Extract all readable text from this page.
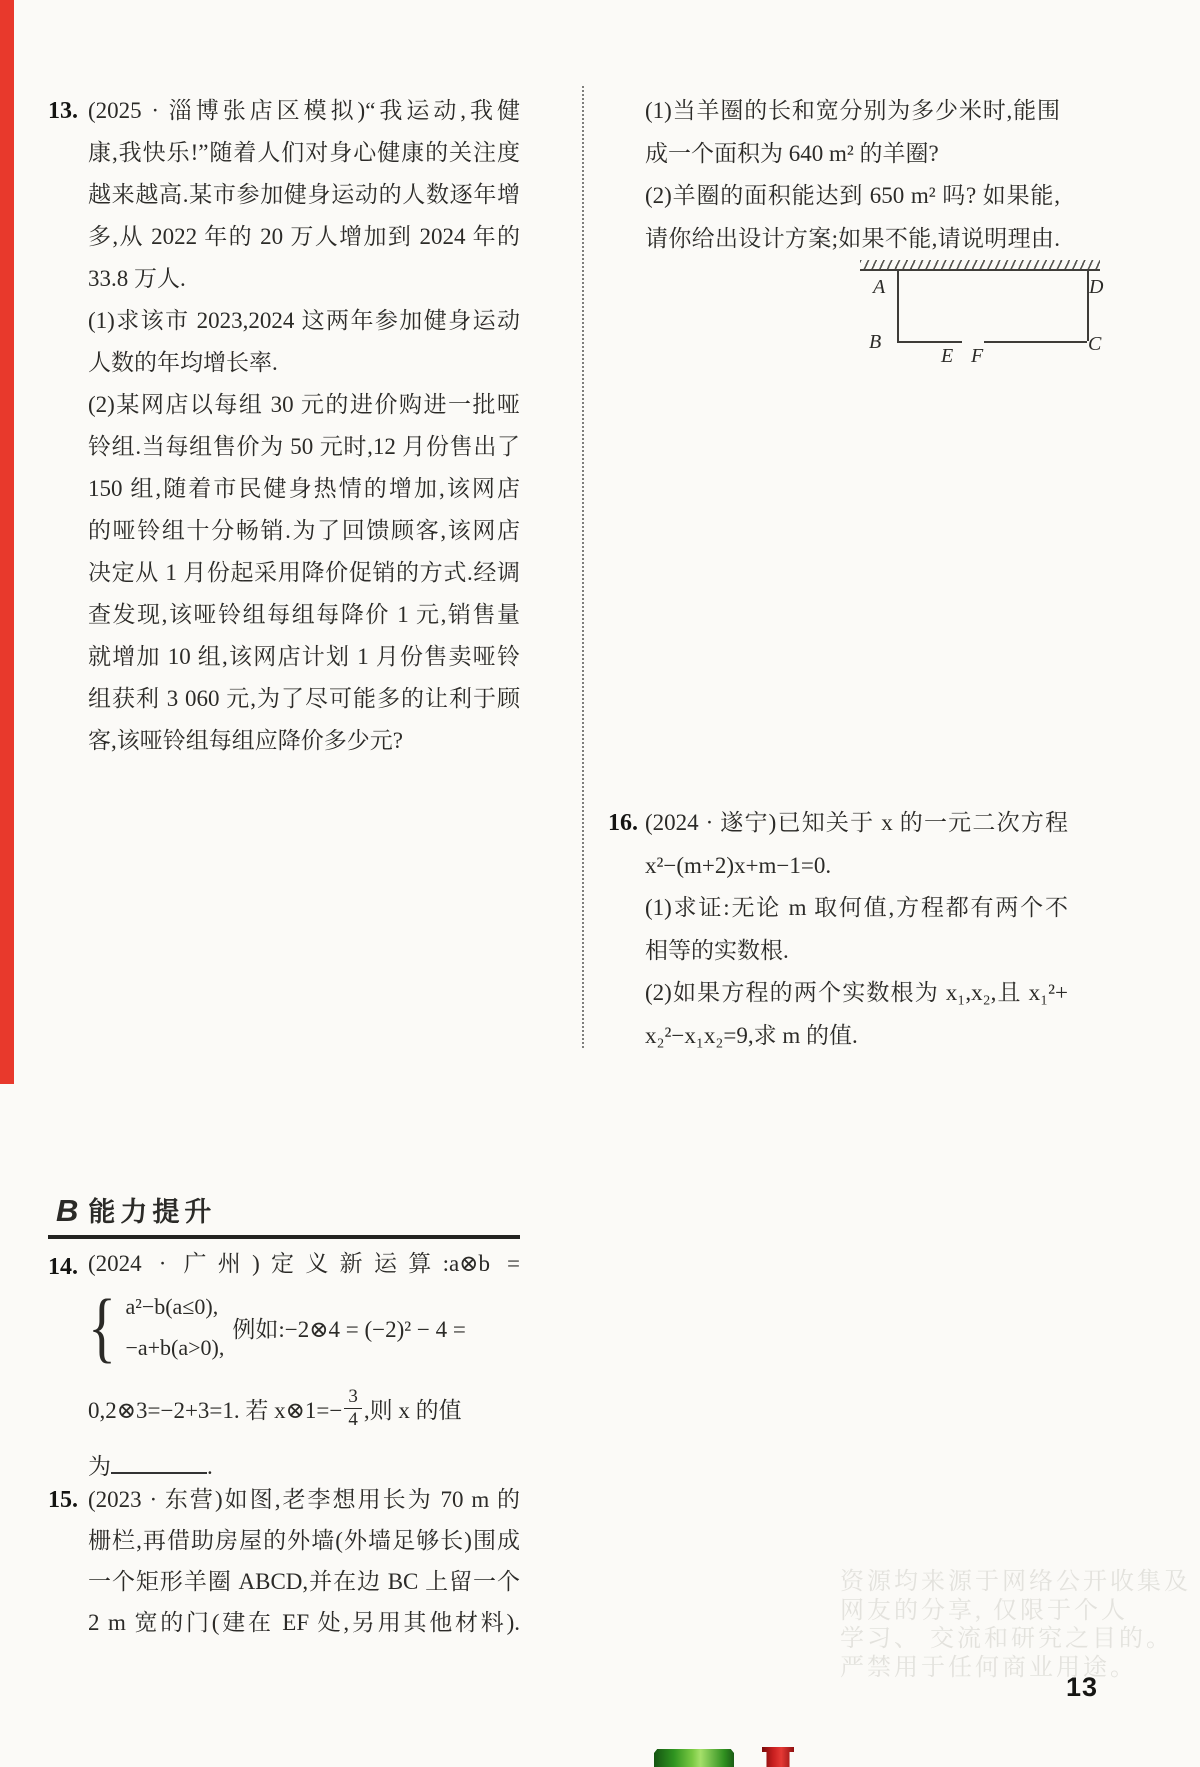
13. (2025 · 淄博张店区模拟)“我运动,我健
康,我快乐!”随着人们对身心健康的关注度
越来越高.某市参加健身运动的人数逐年增
多,从 2022 年的 20 万人增加到 2024 年的
33.8 万人.
(1)求该市 2023,2024 这两年参加健身运动
人数的年均增长率.
(2)某网店以每组 30 元的进价购进一批哑
铃组.当每组售价为 50 元时,12 月份售出了
150 组,随着市民健身热情的增加,该网店
的哑铃组十分畅销.为了回馈顾客,该网店
决定从 1 月份起采用降价促销的方式.经调
查发现,该哑铃组每组每降价 1 元,销售量
就增加 10 组,该网店计划 1 月份售卖哑铃
组获利 3 060 元,为了尽可能多的让利于顾
客,该哑铃组每组应降价多少元?
(1)当羊圈的长和宽分别为多少米时,能围
成一个面积为 640 m² 的羊圈?
(2)羊圈的面积能达到 650 m² 吗? 如果能,
请你给出设计方案;如果不能,请说明理由.
A	D
B	C
E F
16. (2024 · 遂宁)已知关于 x 的一元二次方程
x²−(m+2)x+m−1=0.
(1)求证:无论 m 取何值,方程都有两个不
相等的实数根.
(2)如果方程的两个实数根为 x₁,x₂,且 x₁²+
x₂²−x₁x₂=9,求 m 的值.
B 能力提升
14. (2024 · 广州)定义新运算:a⊗b =
{ a²−b(a≤0),
−a+b(a>0),
例如:−2⊗4 = (−2)² − 4 =
0,2⊗3=−2+3=1. 若 x⊗1=− $\frac{3}{4}$ ,则 x 的值
为	.
15. (2023 · 东营)如图,老李想用长为 70 m 的
栅栏,再借助房屋的外墙(外墙足够长)围成
一个矩形羊圈 ABCD,并在边 BC 上留一个
2 m 宽的门(建在 EF 处,另用其他材料).
资源均来源于网络公开收集及
网友的分享, 仅限于个人
学习、 交流和研究之目的。
严禁用于任何商业用途。
13
